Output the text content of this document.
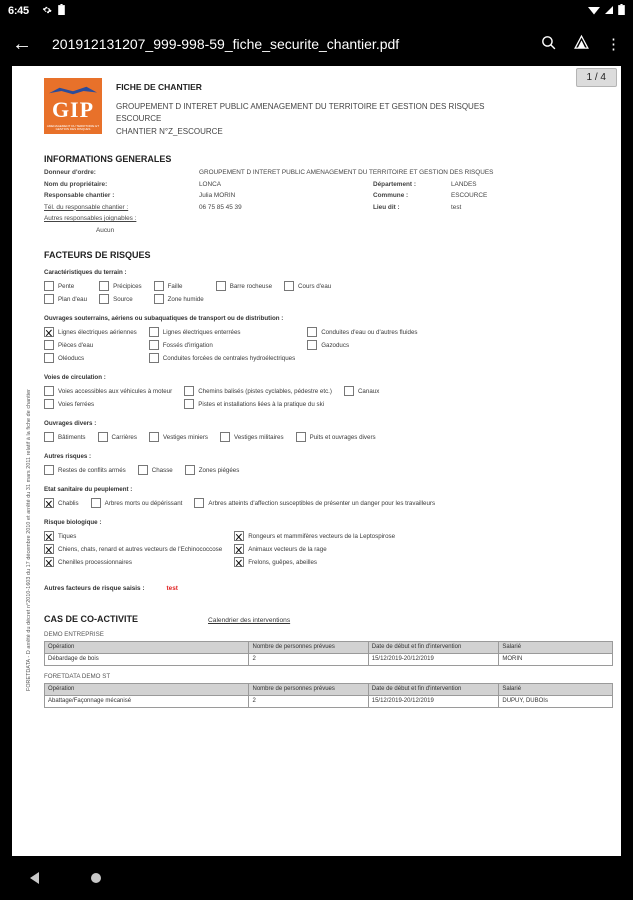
6:45
←	201912131207_999-998-59_fiche_securite_chantier.pdf	⋮
1 / 4
FORETDATA - D arrêté du décret n°2010-1603 du 17 décembre 2010 et arrêté du 31 mars 2011 relatif à la fiche de chantier
GIP
AMENAGEMENT DU TERRITOIRE ET GESTION DES RISQUES
FICHE DE CHANTIER
GROUPEMENT D INTERET PUBLIC AMENAGEMENT DU TERRITOIRE ET GESTION DES RISQUES
ESCOURCE
CHANTIER N°Z_ESCOURCE
INFORMATIONS GENERALES
Donneur d'ordre:	GROUPEMENT D INTERET PUBLIC AMENAGEMENT DU TERRITOIRE ET GESTION DES RISQUES
Nom du propriétaire:	LONCA	Département :	LANDES
Responsable chantier :	Julia MORIN	Commune :	ESCOURCE
Tél. du responsable chantier :	06 75 85 45 39	Lieu dit :	test
Autres responsables joignables :
Aucun
FACTEURS DE RISQUES
Caractéristiques du terrain :
Pente
Plan d'eau
Précipices
Source
Faille
Zone humide
Barre rocheuse	Cours d'eau
Ouvrages souterrains, aériens ou subaquatiques de transport ou de distribution :
Lignes électriques aériennes
Pièces d'eau
Oléoducs
Lignes électriques enterrées
Fossés d'irrigation
Conduites forcées de centrales hydroélectriques
Conduites d'eau ou d'autres fluides
Gazoducs
Voies de circulation :
Voies accessibles aux véhicules à moteur
Voies ferrées
Chemins balisés (pistes cyclables, pédestre etc.)
Pistes et installations liées à la pratique du ski
Canaux
Ouvrages divers :
Bâtiments	Carrières	Vestiges miniers	Vestiges militaires	Puits et ouvrages divers
Autres risques :
Restes de conflits armés	Chasse	Zones piégées
Etat sanitaire du peuplement :
Chablis	Arbres morts ou dépérissant	Arbres atteints d'affection susceptibles de présenter un danger pour les travailleurs
Risque biologique :
Tiques
Chiens, chats, renard et autres vecteurs de l'Echinococcose
Chenilles processionnaires
Rongeurs et mammifères vecteurs de la Leptospirose
Animaux vecteurs de la rage
Frelons, guêpes, abeilles
Autres facteurs de risque saisis :	test
CAS DE CO-ACTIVITE	Calendrier des interventions
DEMO ENTREPRISE
Opération	Nombre de personnes prévues	Date de début et fin d'intervention	Salarié
Débardage de bois	2	15/12/2019-20/12/2019	MORIN
FORETDATA DEMO ST
Opération	Nombre de personnes prévues	Date de début et fin d'intervention	Salarié
Abattage/Façonnage mécanisé	2	15/12/2019-20/12/2019	DUPUY, DUBOIs
